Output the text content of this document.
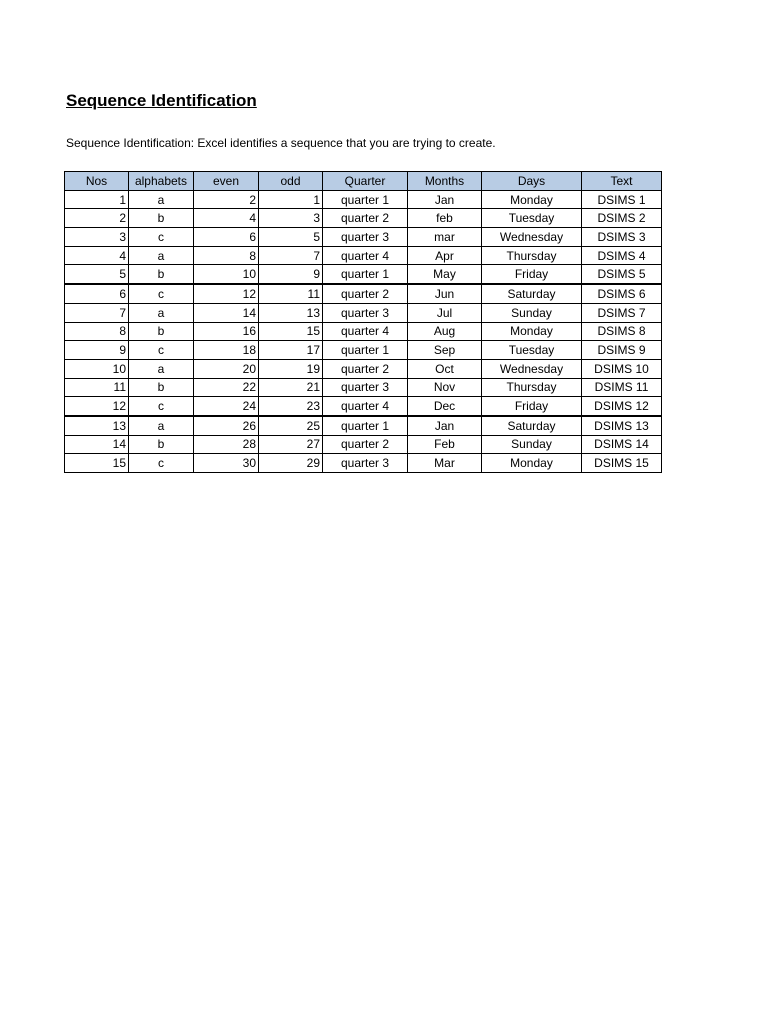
Sequence Identification
Sequence Identification: Excel identifies a sequence that you are trying to create.
Nos	alphabets	even	odd	Quarter	Months	Days	Text
1	a	2	1	quarter 1	Jan	Monday	DSIMS 1
2	b	4	3	quarter 2	feb	Tuesday	DSIMS 2
3	c	6	5	quarter 3	mar	Wednesday	DSIMS 3
4	a	8	7	quarter 4	Apr	Thursday	DSIMS 4
5	b	10	9	quarter 1	May	Friday	DSIMS 5
6	c	12	11	quarter 2	Jun	Saturday	DSIMS 6
7	a	14	13	quarter 3	Jul	Sunday	DSIMS 7
8	b	16	15	quarter 4	Aug	Monday	DSIMS 8
9	c	18	17	quarter 1	Sep	Tuesday	DSIMS 9
10	a	20	19	quarter 2	Oct	Wednesday	DSIMS 10
11	b	22	21	quarter 3	Nov	Thursday	DSIMS 11
12	c	24	23	quarter 4	Dec	Friday	DSIMS 12
13	a	26	25	quarter 1	Jan	Saturday	DSIMS 13
14	b	28	27	quarter 2	Feb	Sunday	DSIMS 14
15	c	30	29	quarter 3	Mar	Monday	DSIMS 15
